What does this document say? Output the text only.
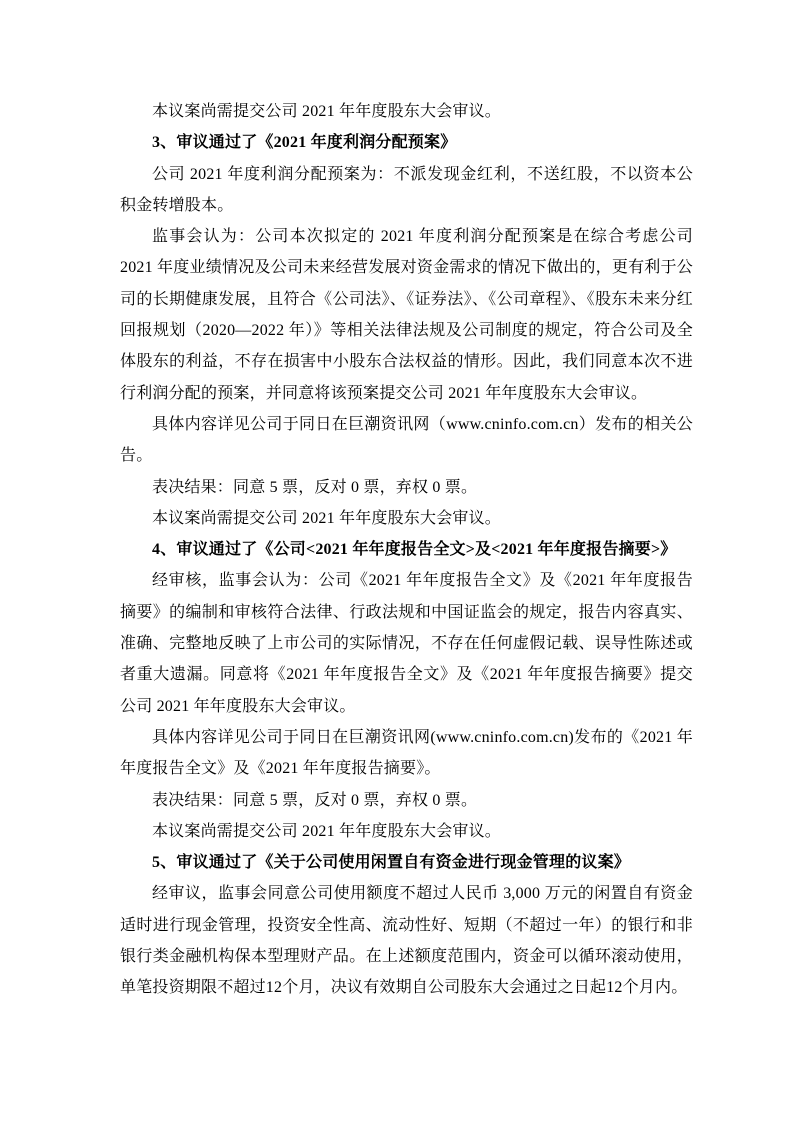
本议案尚需提交公司 2021 年年度股东大会审议。

3、审议通过了《2021 年度利润分配预案》

公司 2021 年度利润分配预案为：不派发现金红利，不送红股，不以资本公积金转增股本。

监事会认为：公司本次拟定的 2021 年度利润分配预案是在综合考虑公司 2021 年度业绩情况及公司未来经营发展对资金需求的情况下做出的，更有利于公司的长期健康发展，且符合《公司法》、《证券法》、《公司章程》、《股东未来分红回报规划（2020—2022 年）》等相关法律法规及公司制度的规定，符合公司及全体股东的利益，不存在损害中小股东合法权益的情形。因此，我们同意本次不进行利润分配的预案，并同意将该预案提交公司 2021 年年度股东大会审议。

具体内容详见公司于同日在巨潮资讯网（www.cninfo.com.cn）发布的相关公告。

表决结果：同意 5 票，反对 0 票，弃权 0 票。

本议案尚需提交公司 2021 年年度股东大会审议。

4、审议通过了《公司<2021 年年度报告全文>及<2021 年年度报告摘要>》

经审核，监事会认为：公司《2021 年年度报告全文》及《2021 年年度报告摘要》的编制和审核符合法律、行政法规和中国证监会的规定，报告内容真实、准确、完整地反映了上市公司的实际情况，不存在任何虚假记载、误导性陈述或者重大遗漏。同意将《2021 年年度报告全文》及《2021 年年度报告摘要》提交公司 2021 年年度股东大会审议。

具体内容详见公司于同日在巨潮资讯网(www.cninfo.com.cn)发布的《2021 年年度报告全文》及《2021 年年度报告摘要》。

表决结果：同意 5 票，反对 0 票，弃权 0 票。

本议案尚需提交公司 2021 年年度股东大会审议。

5、审议通过了《关于公司使用闲置自有资金进行现金管理的议案》

经审议，监事会同意公司使用额度不超过人民币 3,000 万元的闲置自有资金适时进行现金管理，投资安全性高、流动性好、短期（不超过一年）的银行和非银行类金融机构保本型理财产品。在上述额度范围内，资金可以循环滚动使用，单笔投资期限不超过12个月，决议有效期自公司股东大会通过之日起12个月内。
